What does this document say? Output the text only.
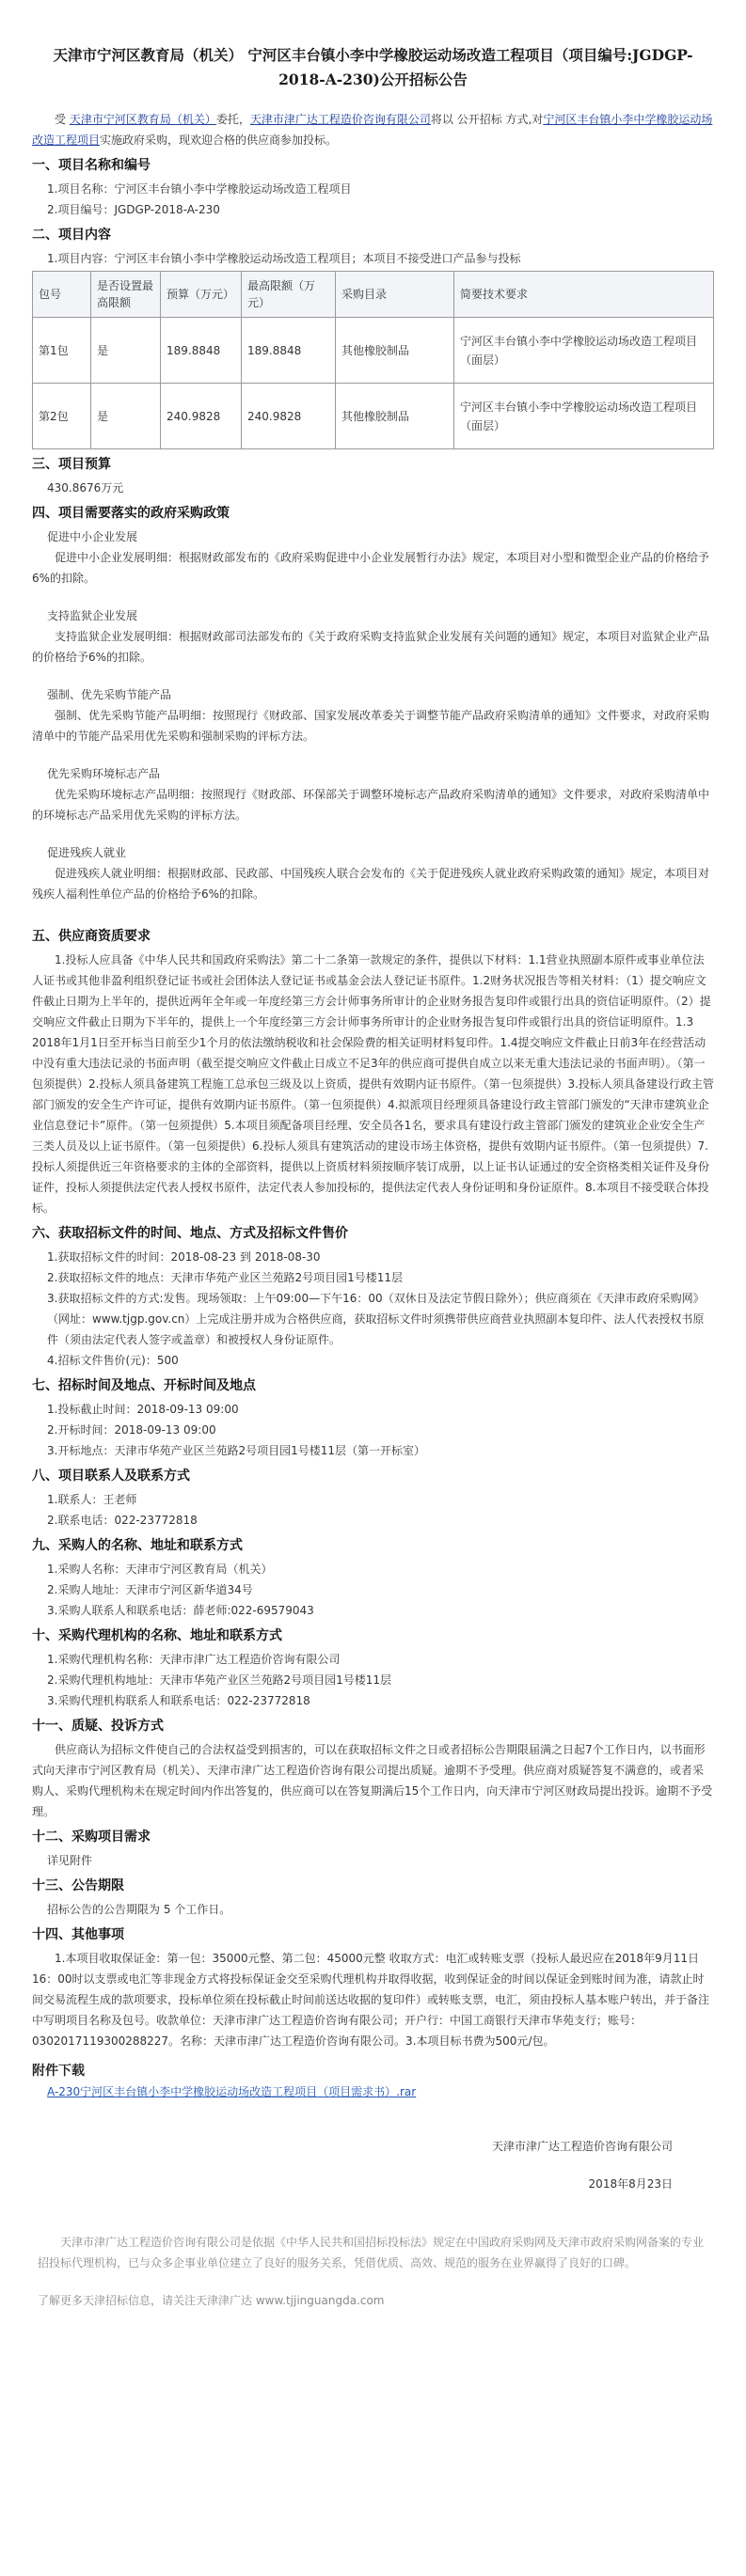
天津市宁河区教育局（机关） 宁河区丰台镇小李中学橡胶运动场改造工程项目（项目编号:JGDGP-2018-A-230)公开招标公告

受 天津市宁河区教育局（机关）委托，天津市津广达工程造价咨询有限公司将以 公开招标 方式,对宁河区丰台镇小李中学橡胶运动场改造工程项目实施政府采购，现欢迎合格的供应商参加投标。

一、项目名称和编号

1.项目名称：宁河区丰台镇小李中学橡胶运动场改造工程项目

2.项目编号：JGDGP-2018-A-230

二、项目内容

1.项目内容：宁河区丰台镇小李中学橡胶运动场改造工程项目；本项目不接受进口产品参与投标

包号	是否设置最高限额	预算（万元）	最高限额（万元）	采购目录	简要技术要求
第1包	是	189.8848	189.8848	其他橡胶制品	宁河区丰台镇小李中学橡胶运动场改造工程项目（面层）
第2包	是	240.9828	240.9828	其他橡胶制品	宁河区丰台镇小李中学橡胶运动场改造工程项目（面层）
三、项目预算

430.8676万元

四、项目需要落实的政府采购政策

促进中小企业发展

促进中小企业发展明细：根据财政部发布的《政府采购促进中小企业发展暂行办法》规定，本项目对小型和微型企业产品的价格给予6%的扣除。

支持监狱企业发展

支持监狱企业发展明细：根据财政部司法部发布的《关于政府采购支持监狱企业发展有关问题的通知》规定，本项目对监狱企业产品的价格给予6%的扣除。

强制、优先采购节能产品

强制、优先采购节能产品明细：按照现行《财政部、国家发展改革委关于调整节能产品政府采购清单的通知》文件要求，对政府采购清单中的节能产品采用优先采购和强制采购的评标方法。

优先采购环境标志产品

优先采购环境标志产品明细：按照现行《财政部、环保部关于调整环境标志产品政府采购清单的通知》文件要求，对政府采购清单中的环境标志产品采用优先采购的评标方法。

促进残疾人就业

促进残疾人就业明细：根据财政部、民政部、中国残疾人联合会发布的《关于促进残疾人就业政府采购政策的通知》规定，本项目对残疾人福利性单位产品的价格给予6%的扣除。

五、供应商资质要求

1.投标人应具备《中华人民共和国政府采购法》第二十二条第一款规定的条件，提供以下材料：1.1营业执照副本原件或事业单位法人证书或其他非盈利组织登记证书或社会团体法人登记证书或基金会法人登记证书原件。1.2财务状况报告等相关材料：（1）提交响应文件截止日期为上半年的，提供近两年全年或一年度经第三方会计师事务所审计的企业财务报告复印件或银行出具的资信证明原件。（2）提交响应文件截止日期为下半年的，提供上一个年度经第三方会计师事务所审计的企业财务报告复印件或银行出具的资信证明原件。1.3 2018年1月1日至开标当日前至少1个月的依法缴纳税收和社会保险费的相关证明材料复印件。1.4提交响应文件截止日前3年在经营活动中没有重大违法记录的书面声明（截至提交响应文件截止日成立不足3年的供应商可提供自成立以来无重大违法记录的书面声明）。（第一包须提供）2.投标人须具备建筑工程施工总承包三级及以上资质，提供有效期内证书原件。（第一包须提供）3.投标人须具备建设行政主管部门颁发的安全生产许可证，提供有效期内证书原件。（第一包须提供）4.拟派项目经理须具备建设行政主管部门颁发的“天津市建筑业企业信息登记卡”原件。（第一包须提供）5.本项目须配备项目经理、安全员各1名，要求具有建设行政主管部门颁发的建筑业企业安全生产三类人员及以上证书原件。（第一包须提供）6.投标人须具有建筑活动的建设市场主体资格，提供有效期内证书原件。（第一包须提供）7.投标人须提供近三年资格要求的主体的全部资料，提供以上资质材料须按顺序装订成册，以上证书认证通过的安全资格类相关证件及身份证件，投标人须提供法定代表人授权书原件，法定代表人参加投标的，提供法定代表人身份证明和身份证原件。8.本项目不接受联合体投标。

六、获取招标文件的时间、地点、方式及招标文件售价

1.获取招标文件的时间：2018-08-23 到 2018-08-30

2.获取招标文件的地点：天津市华苑产业区兰苑路2号项目园1号楼11层

3.获取招标文件的方式:发售。现场领取：上午09:00—下午16：00（双休日及法定节假日除外）；供应商须在《天津市政府采购网》（网址：www.tjgp.gov.cn）上完成注册并成为合格供应商，获取招标文件时须携带供应商营业执照副本复印件、法人代表授权书原件（须由法定代表人签字或盖章）和被授权人身份证原件。

4.招标文件售价(元)：500

七、招标时间及地点、开标时间及地点

1.投标截止时间：2018-09-13 09:00

2.开标时间：2018-09-13 09:00

3.开标地点：天津市华苑产业区兰苑路2号项目园1号楼11层（第一开标室）

八、项目联系人及联系方式

1.联系人：王老师

2.联系电话：022-23772818

九、采购人的名称、地址和联系方式

1.采购人名称：天津市宁河区教育局（机关）

2.采购人地址：天津市宁河区新华道34号

3.采购人联系人和联系电话：薛老师:022-69579043

十、采购代理机构的名称、地址和联系方式

1.采购代理机构名称：天津市津广达工程造价咨询有限公司

2.采购代理机构地址：天津市华苑产业区兰苑路2号项目园1号楼11层

3.采购代理机构联系人和联系电话：022-23772818

十一、质疑、投诉方式

供应商认为招标文件使自己的合法权益受到损害的，可以在获取招标文件之日或者招标公告期限届满之日起7个工作日内，以书面形式向天津市宁河区教育局（机关）、天津市津广达工程造价咨询有限公司提出质疑。逾期不予受理。供应商对质疑答复不满意的，或者采购人、采购代理机构未在规定时间内作出答复的，供应商可以在答复期满后15个工作日内，向天津市宁河区财政局提出投诉。逾期不予受理。

十二、采购项目需求

详见附件

十三、公告期限

招标公告的公告期限为 5 个工作日。

十四、其他事项

1.本项目收取保证金：第一包：35000元整、第二包：45000元整 收取方式：电汇或转账支票（投标人最迟应在2018年9月11日16：00时以支票或电汇等非现金方式将投标保证金交至采购代理机构并取得收据，收到保证金的时间以保证金到账时间为准，请款止时间交易流程生成的款项要求，投标单位须在投标截止时间前送达收据的复印件）或转账支票，电汇，须由投标人基本账户转出，并于备注中写明项目名称及包号。收款单位：天津市津广达工程造价咨询有限公司；开户行：中国工商银行天津市华苑支行；账号：0302017119300288227。名称：天津市津广达工程造价咨询有限公司。3.本项目标书费为500元/包。

附件下载
A-230宁河区丰台镇小李中学橡胶运动场改造工程项目（项目需求书）.rar

天津市津广达工程造价咨询有限公司

2018年8月23日

天津市津广达工程造价咨询有限公司是依据《中华人民共和国招标投标法》规定在中国政府采购网及天津市政府采购网备案的专业招投标代理机构，已与众多企事业单位建立了良好的服务关系，凭借优质、高效、规范的服务在业界赢得了良好的口碑。

了解更多天津招标信息，请关注天津津广达 www.tjjinguangda.com
